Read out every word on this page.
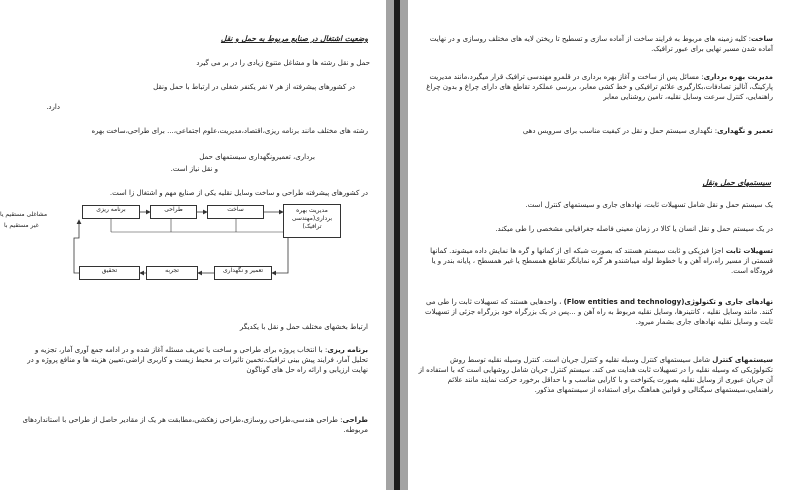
وضعیت اشتغال در صنایع مربوط به حمل و نقل
حمل و نقل رشته ها و مشاغل متنوع زیادی را در بر می گیرد
در کشورهای پیشرفته از هر ۷ نفر یکنفر شغلی در ارتباط با حمل ونقل
دارد.
رشته های مختلف مانند برنامه ریزی،اقتصاد،مدیریت،علوم اجتماعی،... برای طراحی،ساخت بهره
برداری، تعمیرونگهداری سیستمهای حمل
و نقل نیاز است.
در کشورهای پیشرفته طراحی و ساخت وسایل نقلیه یکی از صنایع مهم و اشتغال زا است.
برنامه ریزی	طراحی	ساخت	مدیریت بهره برداری(مهندسی ترافیک)
تعمیر و نگهداری
تجربه
تحقیق
مشاغلی مستقیم یا
غیر مستقیم با
ارتباط بخشهای مختلف حمل و نقل با یکدیگر
برنامه ریزی: با انتخاب پروژه برای طراحی و ساخت یا تعریف مسئله آغاز شده و در ادامه جمع آوری آمار، تجزیه و تحلیل آمار، فرایند پیش بینی ترافیک،تخمین تاثیرات بر محیط زیست و کاربری اراضی،تعیین هزینه ها و منافع پروژه و در نهایت ارزیابی و ارائه راه حل های گوناگون
طراحی: طراحی هندسی،طراحی روسازی،طراحی زهکشی،مطابقت هر یک از مقادیر حاصل از طراحی با استانداردهای مربوطه.
ساخت: کلیه زمینه های مربوط به فرایند ساخت از آماده سازی و تسطیح تا ریختن لایه های مختلف روسازی و در نهایت آماده شدن مسیر نهایی برای عبور ترافیک.
مدیریت بهره برداری: مسائل پس از ساخت و آغاز بهره برداری در قلمرو مهندسی ترافیک قرار میگیرد،مانند مدیریت پارکینگ، آنالیز تصادفات،بکارگیری علائم ترافیکی و خط کشی معابر، بررسی عملکرد تقاطع های دارای چراغ و بدون چراغ راهنمایی، کنترل سرعت وسایل نقلیه، تامین روشنایی معابر
تعمیر و نگهداری: نگهداری سیستم حمل و نقل در کیفیت مناسب برای سرویس دهی
سیستمهای حمل ونقل
یک سیستم حمل و نقل شامل تسهیلات ثابت، نهادهای جاری و سیستمهای کنترل است.
در یک سیستم حمل و نقل انسان یا کالا در زمان معینی فاصله جغرافیایی مشخصی را طی میکند.
تسهیلات ثابت اجزا فیزیکی و ثابت سیستم هستند که بصورت شبکه ای از کمانها و گره ها نمایش داده میشوند. کمانها قسمتی از مسیر راه،راه آهن و یا خطوط لوله میباشندو هر گره نمایانگر تقاطع همسطح یا غیر همسطح ، پایانه بندر و یا فرودگاه است.
نهادهای جاری و تکنولوژی(Flow entities and technology) ، واحدهایی هستند که تسهیلات ثابت را طی می کنند. مانند وسایل نقلیه ، کانتینرها، وسایل نقلیه مربوط به راه آهن و ...پس در یک بزرگراه خود بزرگراه جزئی از تسهیلات ثابت و وسایل نقلیه نهادهای جاری بشمار میرود.
سیستمهای کنترل شامل سیستمهای کنترل وسیله نقلیه و کنترل جریان است. کنترل وسیله نقلیه توسط روش تکنولوژیکی که وسیله نقلیه را در تسهیلات ثابت هدایت می کند. سیستم کنترل جریان شامل روشهایی است که با استفاده از آن جریان عبوری از وسایل نقلیه بصورت یکنواخت و با کارایی مناسب و با حداقل برخورد حرکت نمایند مانند علائم راهنمایی،سیستمهای سیگنالی و قوانین هماهنگ برای استفاده از سیستمهای مذکور.
